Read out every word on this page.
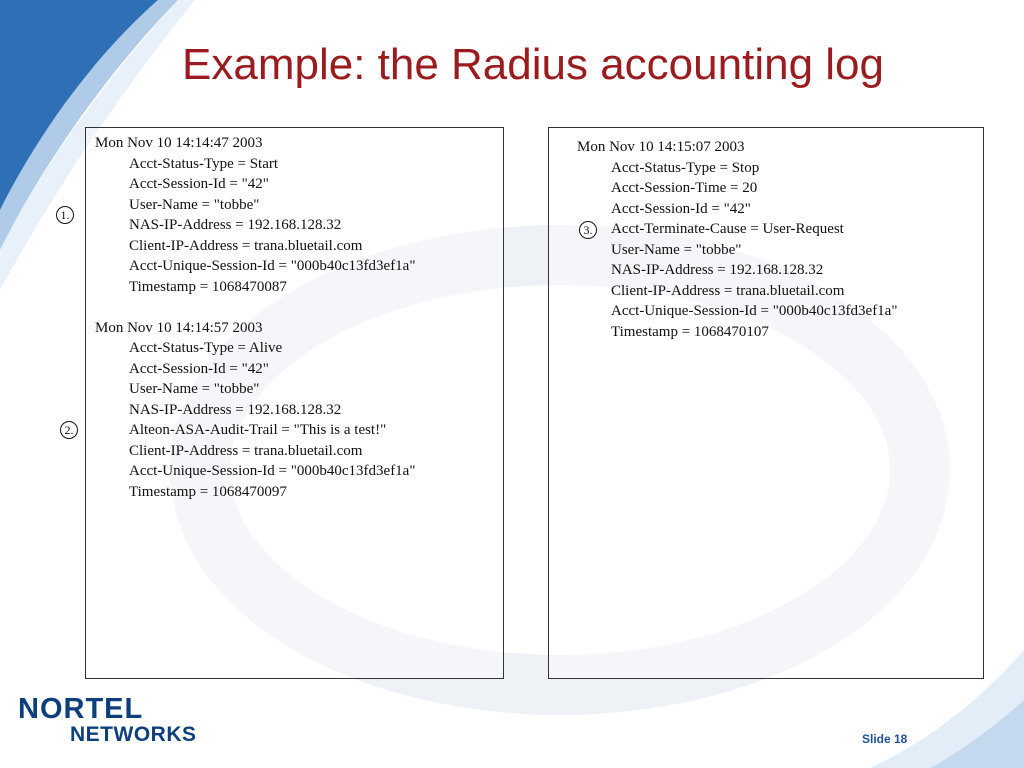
Example: the Radius accounting log
Mon Nov 10 14:14:47 2003
Acct-Status-Type = Start
Acct-Session-Id = "42"
User-Name = "tobbe"
NAS-IP-Address = 192.168.128.32
Client-IP-Address = trana.bluetail.com
Acct-Unique-Session-Id = "000b40c13fd3ef1a"
Timestamp = 1068470087
Mon Nov 10 14:14:57 2003
Acct-Status-Type = Alive
Acct-Session-Id = "42"
User-Name = "tobbe"
NAS-IP-Address = 192.168.128.32
Alteon-ASA-Audit-Trail = "This is a test!"
Client-IP-Address = trana.bluetail.com
Acct-Unique-Session-Id = "000b40c13fd3ef1a"
Timestamp = 1068470097
Mon Nov 10 14:15:07 2003
Acct-Status-Type = Stop
Acct-Session-Time = 20
Acct-Session-Id = "42"
Acct-Terminate-Cause = User-Request
User-Name = "tobbe"
NAS-IP-Address = 192.168.128.32
Client-IP-Address = trana.bluetail.com
Acct-Unique-Session-Id = "000b40c13fd3ef1a"
Timestamp = 1068470107
1.
2.
3.
NORTEL
NETWORKS	Slide 18
